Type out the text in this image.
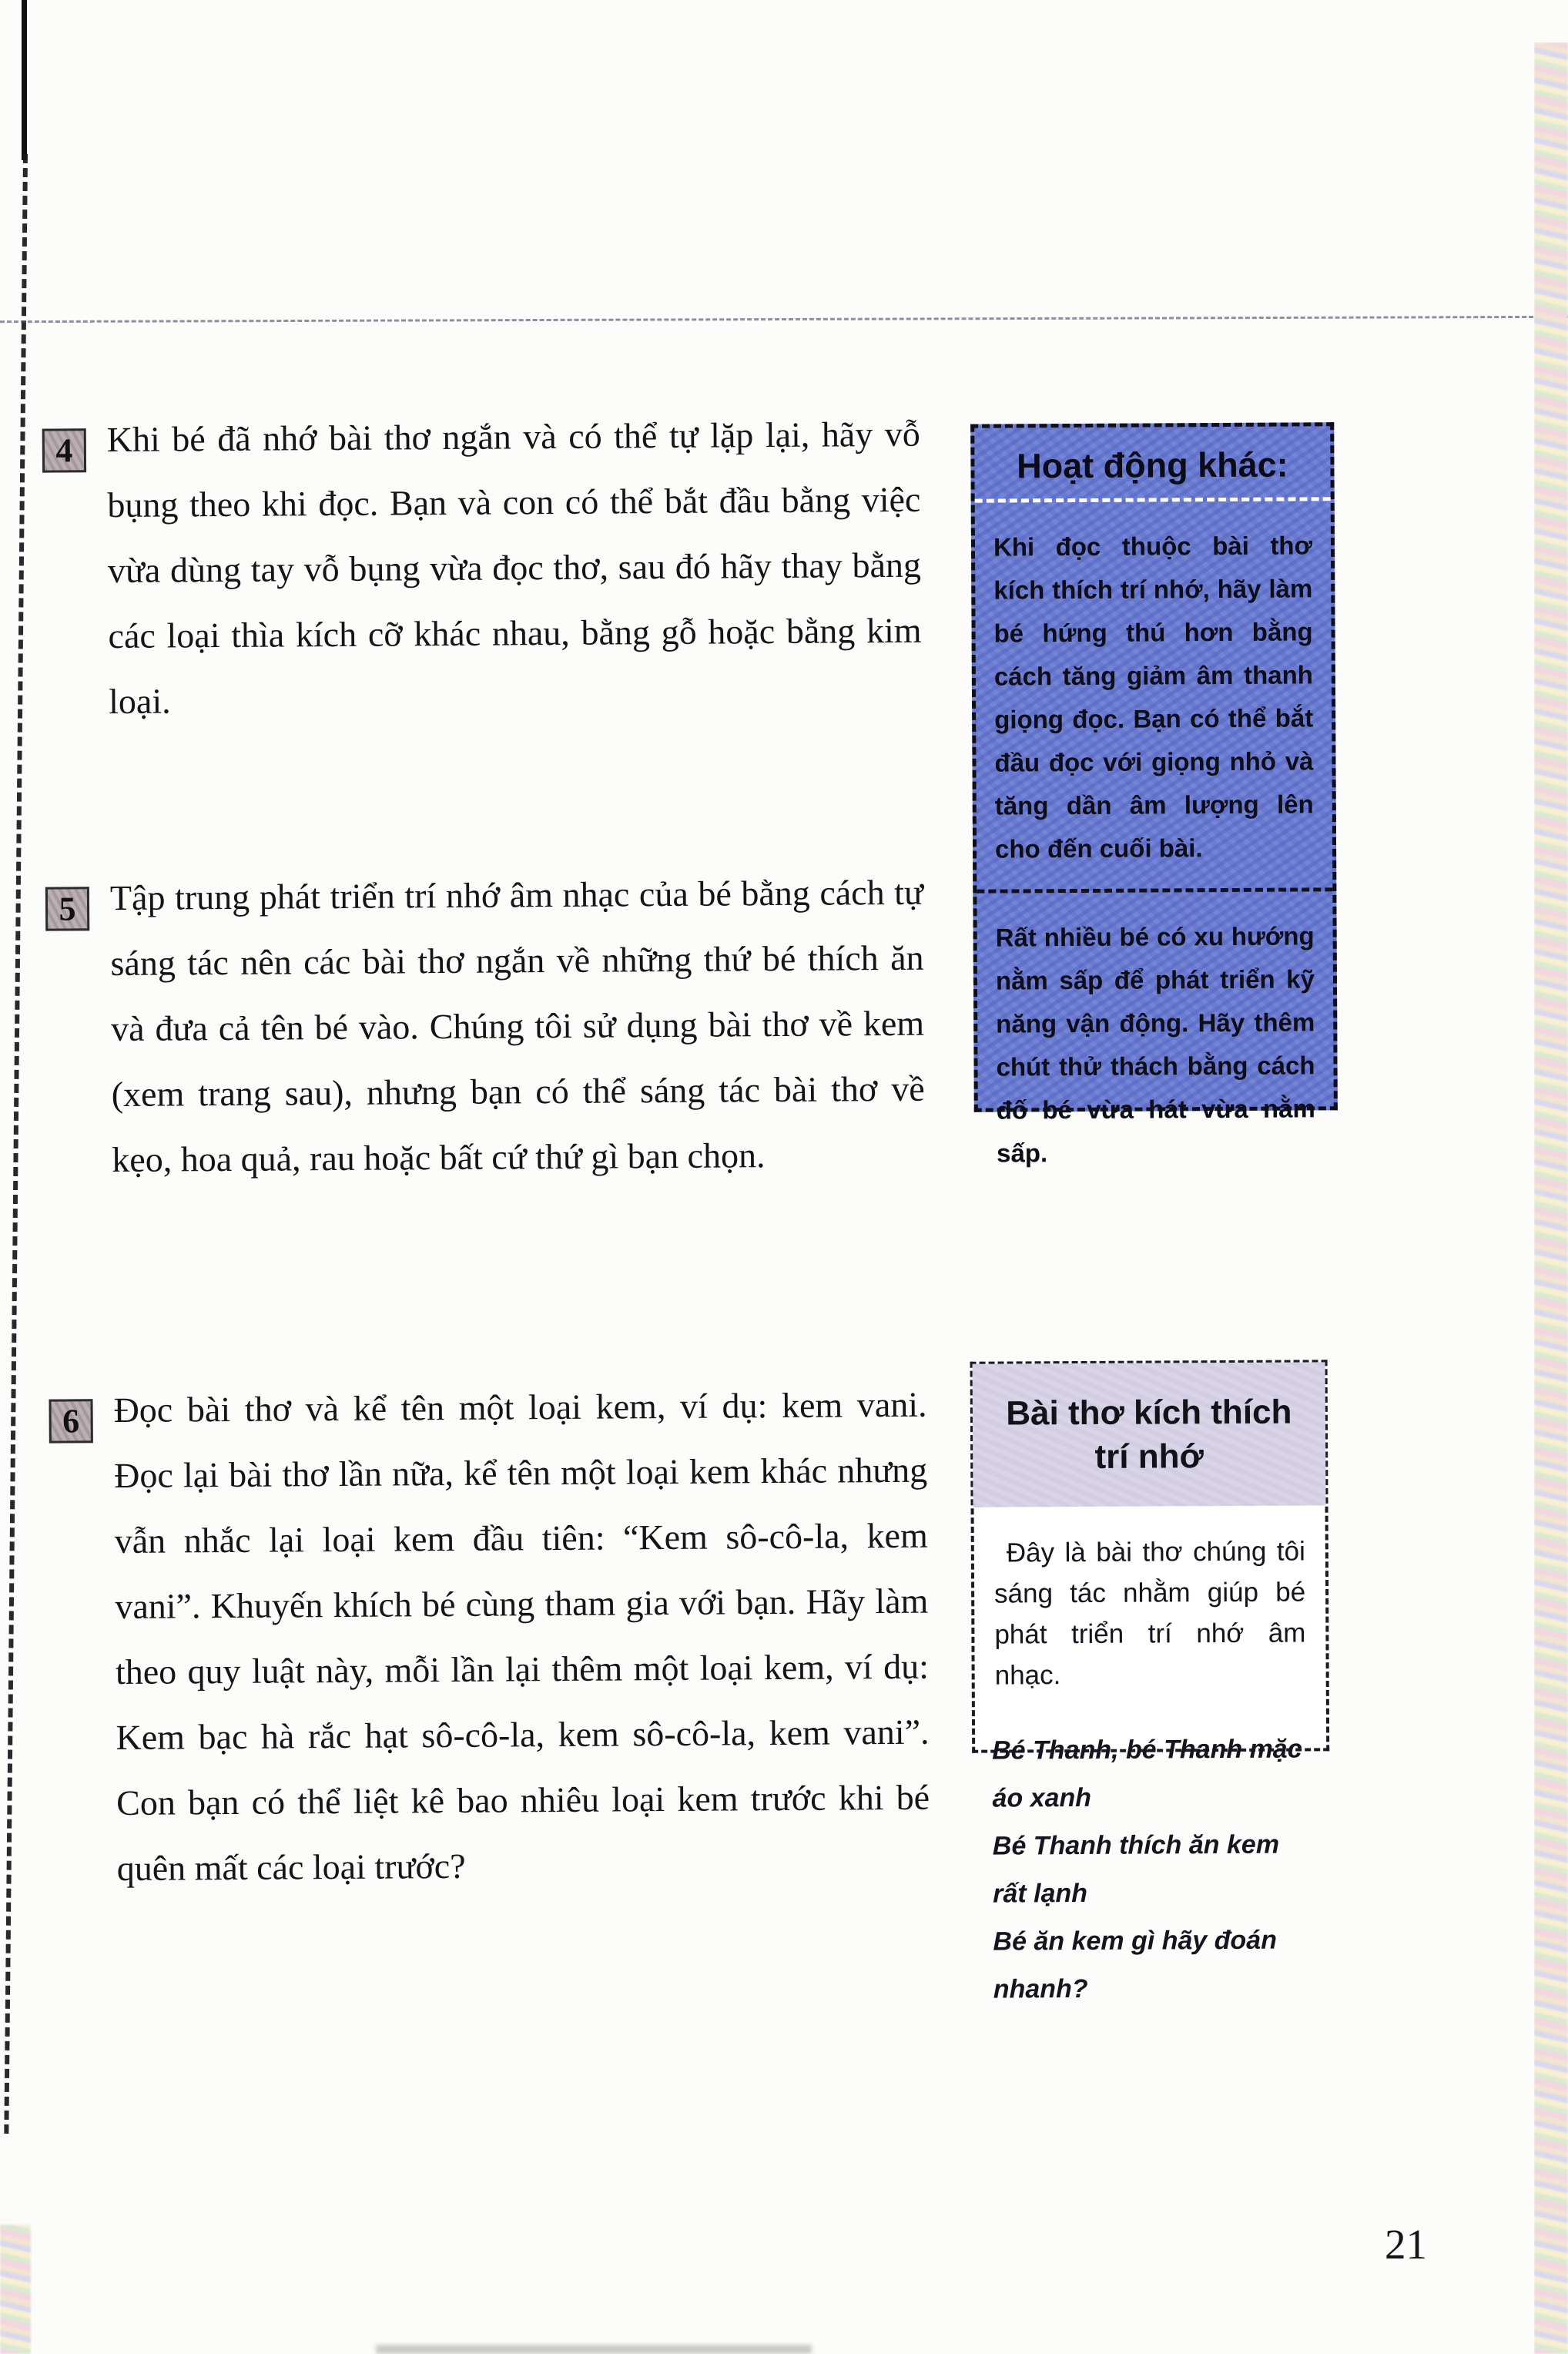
4 Khi bé đã nhớ bài thơ ngắn và có thể tự lặp lại, hãy vỗ bụng theo khi đọc. Bạn và con có thể bắt đầu bằng việc vừa dùng tay vỗ bụng vừa đọc thơ, sau đó hãy thay bằng các loại thìa kích cỡ khác nhau, bằng gỗ hoặc bằng kim loại.
5 Tập trung phát triển trí nhớ âm nhạc của bé bằng cách tự sáng tác nên các bài thơ ngắn về những thứ bé thích ăn và đưa cả tên bé vào. Chúng tôi sử dụng bài thơ về kem (xem trang sau), nhưng bạn có thể sáng tác bài thơ về kẹo, hoa quả, rau hoặc bất cứ thứ gì bạn chọn.
6 Đọc bài thơ và kể tên một loại kem, ví dụ: kem vani. Đọc lại bài thơ lần nữa, kể tên một loại kem khác nhưng vẫn nhắc lại loại kem đầu tiên: “Kem sô-cô-la, kem vani”. Khuyến khích bé cùng tham gia với bạn. Hãy làm theo quy luật này, mỗi lần lại thêm một loại kem, ví dụ: Kem bạc hà rắc hạt sô-cô-la, kem sô-cô-la, kem vani”. Con bạn có thể liệt kê bao nhiêu loại kem trước khi bé quên mất các loại trước?
Hoạt động khác:
Khi đọc thuộc bài thơ kích thích trí nhớ, hãy làm bé hứng thú hơn bằng cách tăng giảm âm thanh giọng đọc. Bạn có thể bắt đầu đọc với giọng nhỏ và tăng dần âm lượng lên cho đến cuối bài.
Rất nhiều bé có xu hướng nằm sấp để phát triển kỹ năng vận động. Hãy thêm chút thử thách bằng cách đố bé vừa hát vừa nằm sấp.
Bài thơ kích thích trí nhớ
Đây là bài thơ chúng tôi sáng tác nhằm giúp bé phát triển trí nhớ âm nhạc.
Bé Thanh, bé Thanh mặc áo xanh
Bé Thanh thích ăn kem rất lạnh
Bé ăn kem gì hãy đoán nhanh?
21
